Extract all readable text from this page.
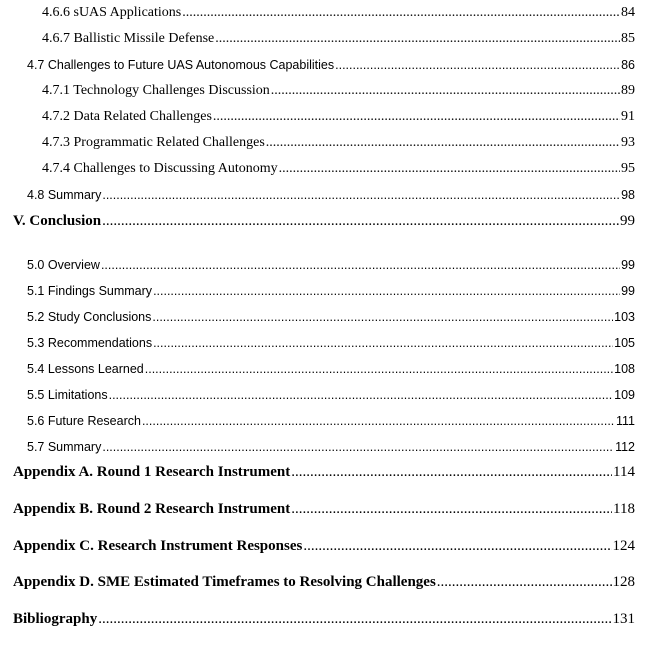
4.6.6 sUAS Applications .....	84
4.6.7 Ballistic Missile Defense .....	85
4.7 Challenges to Future UAS Autonomous Capabilities .....	86
4.7.1 Technology Challenges Discussion .....	89
4.7.2 Data Related Challenges .....	91
4.7.3 Programmatic Related Challenges .....	93
4.7.4 Challenges to Discussing Autonomy .....	95
4.8 Summary .....	98
V. Conclusion .....	99
5.0 Overview .....	99
5.1 Findings Summary .....	99
5.2 Study Conclusions .....	103
5.3 Recommendations .....	105
5.4 Lessons Learned .....	108
5.5 Limitations .....	109
5.6 Future Research .....	111
5.7 Summary .....	112
Appendix A. Round 1 Research Instrument .....	114
Appendix B. Round 2 Research Instrument .....	118
Appendix C. Research Instrument Responses .....	124
Appendix D. SME Estimated Timeframes to Resolving Challenges .....	128
Bibliography .....	131
